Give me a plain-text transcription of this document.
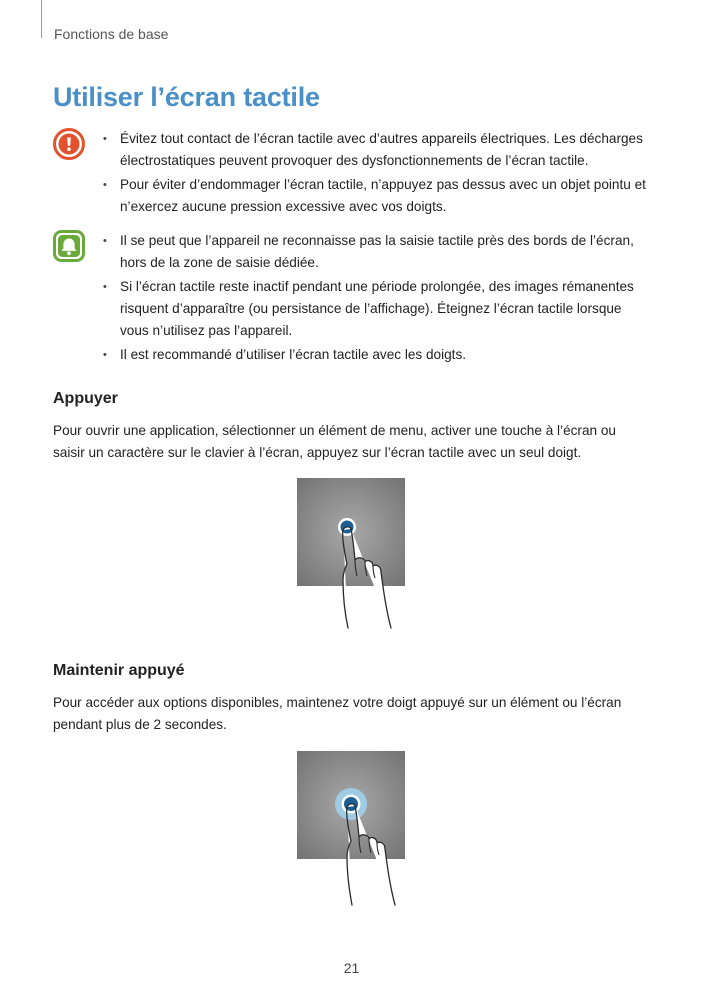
Fonctions de base
Utiliser l’écran tactile
• Évitez tout contact de l’écran tactile avec d’autres appareils électriques. Les décharges électrostatiques peuvent provoquer des dysfonctionnements de l’écran tactile.
• Pour éviter d’endommager l’écran tactile, n’appuyez pas dessus avec un objet pointu et n’exercez aucune pression excessive avec vos doigts.
• Il se peut que l’appareil ne reconnaisse pas la saisie tactile près des bords de l’écran, hors de la zone de saisie dédiée.
• Si l’écran tactile reste inactif pendant une période prolongée, des images rémanentes risquent d’apparaître (ou persistance de l’affichage). Éteignez l’écran tactile lorsque vous n’utilisez pas l’appareil.
• Il est recommandé d’utiliser l’écran tactile avec les doigts.
Appuyer

Pour ouvrir une application, sélectionner un élément de menu, activer une touche à l’écran ou saisir un caractère sur le clavier à l’écran, appuyez sur l’écran tactile avec un seul doigt.

Maintenir appuyé

Pour accéder aux options disponibles, maintenez votre doigt appuyé sur un élément ou l’écran pendant plus de 2 secondes.

21
